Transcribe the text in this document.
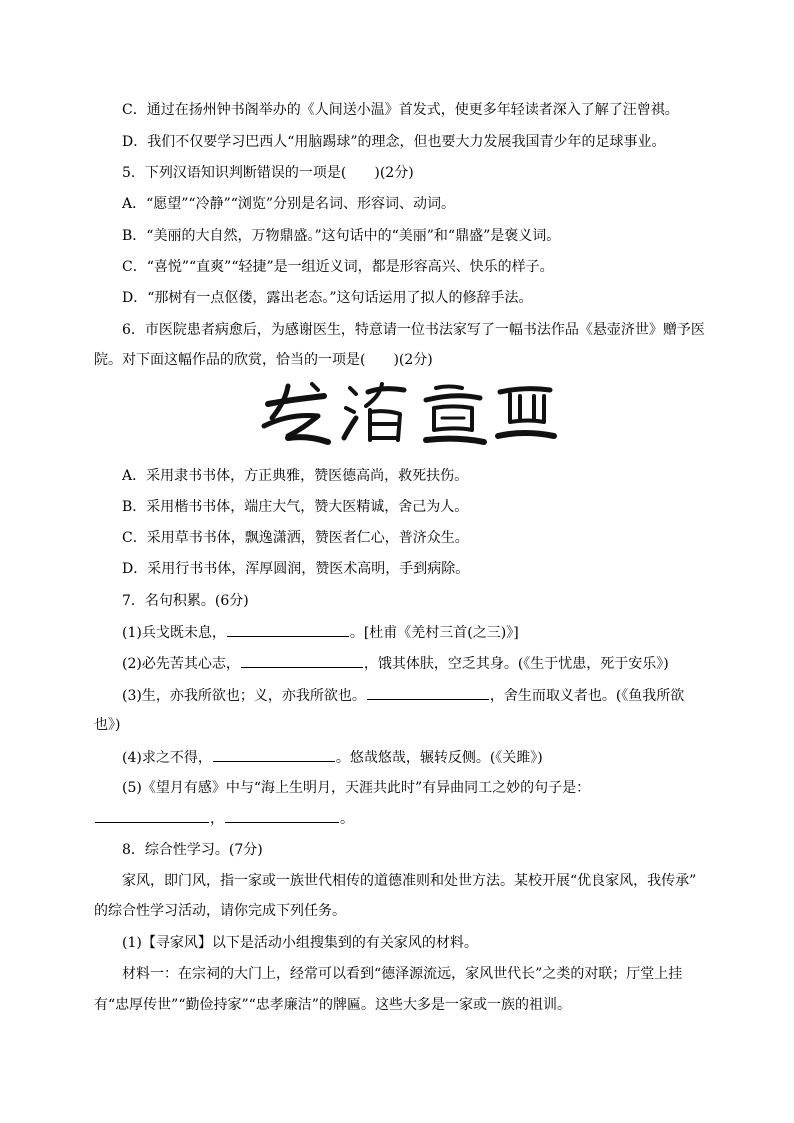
C．通过在扬州钟书阁举办的《人间送小温》首发式，使更多年轻读者深入了解了汪曾祺。
D．我们不仅要学习巴西人“用脑踢球”的理念，但也要大力发展我国青少年的足球事业。
5．下列汉语知识判断错误的一项是(　　)(2分)
A．“愿望”“冷静”“浏览”分别是名词、形容词、动词。
B．“美丽的大自然，万物鼎盛。”这句话中的“美丽”和“鼎盛”是褒义词。
C．“喜悦”“直爽”“轻捷”是一组近义词，都是形容高兴、快乐的样子。
D．“那树有一点伛偻，露出老态。”这句话运用了拟人的修辞手法。
6．市医院患者病愈后，为感谢医生，特意请一位书法家写了一幅书法作品《悬壶济世》赠予医
院。对下面这幅作品的欣赏，恰当的一项是(　　)(2分)
A．采用隶书书体，方正典雅，赞医德高尚，救死扶伤。
B．采用楷书书体，端庄大气，赞大医精诚，舍己为人。
C．采用草书书体，飘逸潇洒，赞医者仁心，普济众生。
D．采用行书书体，浑厚圆润，赞医术高明，手到病除。
7．名句积累。(6分)
(1)兵戈既未息，	。[杜甫《羌村三首(之三)》]
(2)必先苦其心志，	，饿其体肤，空乏其身。(《生于忧患，死于安乐》)
(3)生，亦我所欲也；义，亦我所欲也。	，舍生而取义者也。(《鱼我所欲
也》)
(4)求之不得，	。悠哉悠哉，辗转反侧。(《关雎》)
(5)《望月有感》中与“海上生明月，天涯共此时”有异曲同工之妙的句子是：
，	。
8．综合性学习。(7分)
家风，即门风，指一家或一族世代相传的道德准则和处世方法。某校开展“优良家风，我传承”
的综合性学习活动，请你完成下列任务。
(1)【寻家风】以下是活动小组搜集到的有关家风的材料。
材料一：在宗祠的大门上，经常可以看到“德泽源流远，家风世代长”之类的对联；厅堂上挂
有“忠厚传世”“勤俭持家”“忠孝廉洁”的牌匾。这些大多是一家或一族的祖训。
